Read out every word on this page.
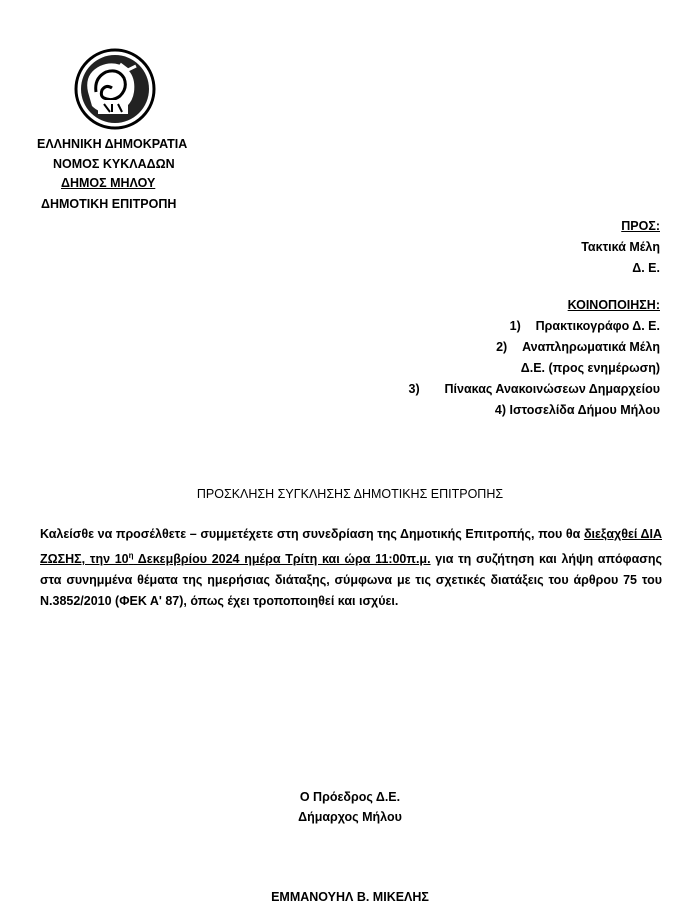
ΕΛΛΗΝΙΚΗ ΔΗΜΟΚΡΑΤΙΑ
ΝΟΜΟΣ ΚΥΚΛΑΔΩΝ
ΔΗΜΟΣ ΜΗΛΟΥ
ΔΗΜΟΤΙΚΗ ΕΠΙΤΡΟΠΗ
ΠΡΟΣ:
Τακτικά Μέλη
Δ. Ε.
ΚΟΙΝΟΠΟΙΗΣΗ:
1) Πρακτικογράφο Δ. Ε.
2) Αναπληρωματικά Μέλη
Δ.Ε. (προς ενημέρωση)
3) Πίνακας Ανακοινώσεων Δημαρχείου
4) Ιστοσελίδα Δήμου Μήλου
ΠΡΟΣΚΛΗΣΗ ΣΥΓΚΛΗΣΗΣ ΔΗΜΟΤΙΚΗΣ ΕΠΙΤΡΟΠΗΣ
Καλείσθε να προσέλθετε – συμμετέχετε στη συνεδρίαση της Δημοτικής Επιτροπής, που θα διεξαχθεί ΔΙΑ ΖΩΣΗΣ, την $10^\eta$ Δεκεμβρίου 2024 ημέρα Τρίτη και ώρα 11:00π.μ. για τη συζήτηση και λήψη απόφασης στα συνημμένα θέματα της ημερήσιας διάταξης, σύμφωνα με τις σχετικές διατάξεις του άρθρου 75 του Ν.3852/2010 (ΦΕΚ Α' 87), όπως έχει τροποποιηθεί και ισχύει.
Ο Πρόεδρος Δ.Ε.
Δήμαρχος Μήλου
ΕΜΜΑΝΟΥΗΛ Β. ΜΙΚΕΛΗΣ
